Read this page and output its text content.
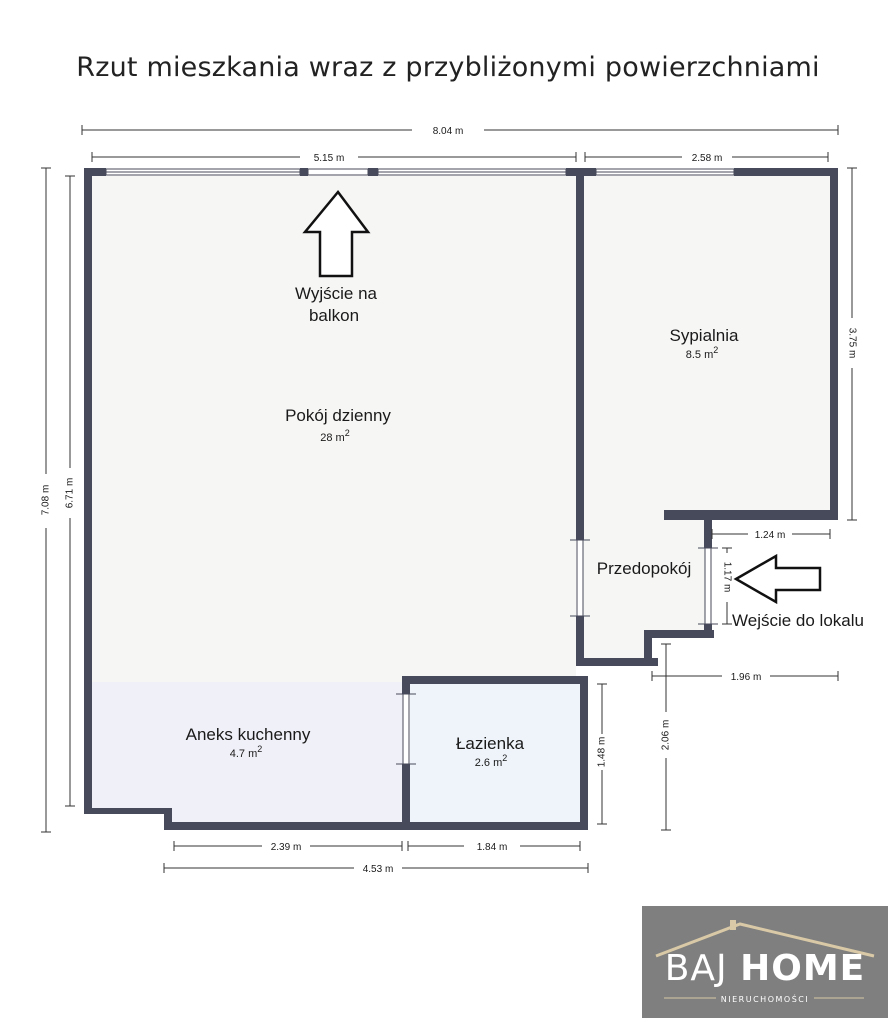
Rzut mieszkania wraz z przybliżonymi powierzchniami
Pokój dzienny
28 $m^2$
Sypialnia
8.5 $m^2$
Aneks kuchenny
4.7 $m^2$	Łazienka
2.6 $m^2$
Przedopokój
Wyjście na
balkon
Wejście do lokalu
8.04 m
5.15 m	2.58 m
7.08 m 6.71 m
3.75 m
1.24 m
1.17 m
1.96 m
2.06 m
1.48 m
2.39 m	1.84 m
4.53 m
BAJ HOME
NIERUCHOMOŚCI
